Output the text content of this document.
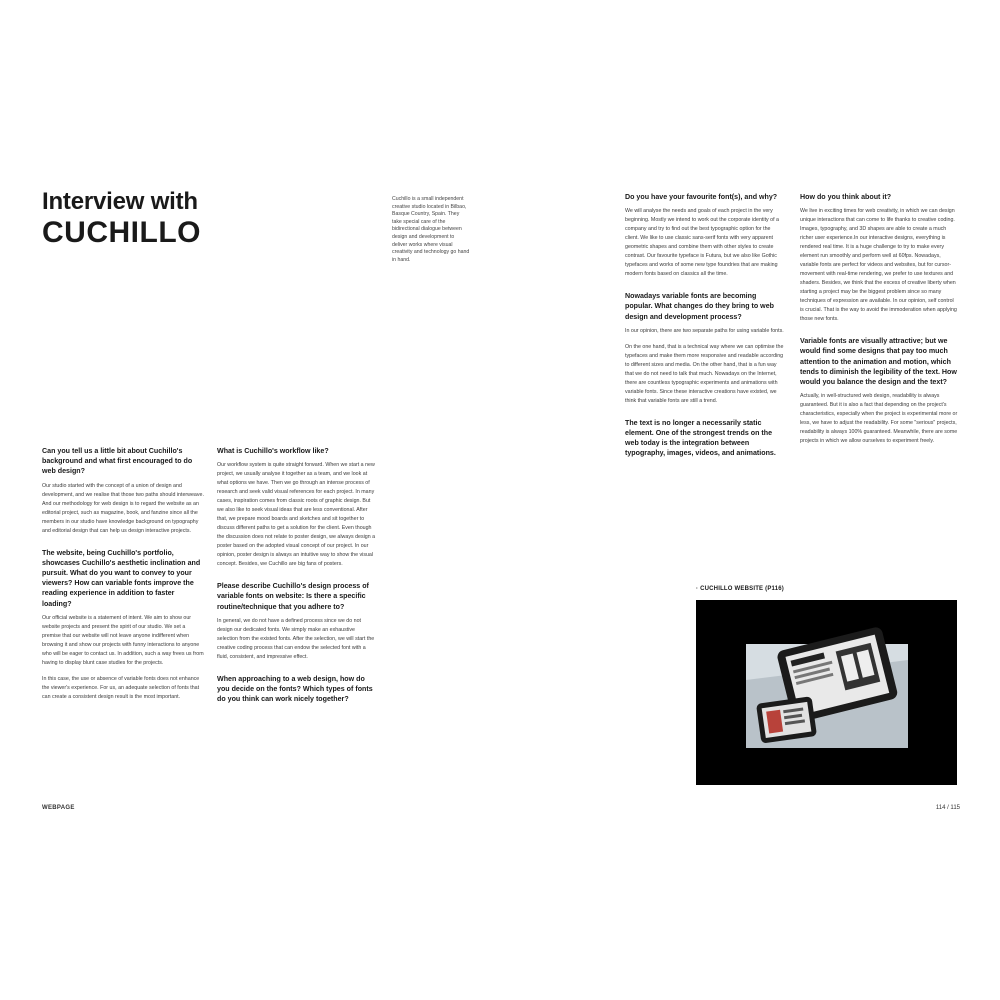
Interview with
CUCHILLO
Cuchillo is a small independent creative studio located in Bilbao, Basque Country, Spain. They take special care of the bidirectional dialogue between design and development to deliver works where visual creativity and technology go hand in hand.
Can you tell us a little bit about Cuchillo's background and what first encouraged to do web design?
Our studio started with the concept of a union of design and development, and we realise that those two paths should interweave. And our methodology for web design is to regard the website as an editorial project, such as magazine, book, and fanzine since all the members in our studio have knowledge background on typography and editorial design that can help us design interactive projects.
The website, being Cuchillo's portfolio, showcases Cuchillo's aesthetic inclination and pursuit. What do you want to convey to your viewers? How can variable fonts improve the reading experience in addition to faster loading?
Our official website is a statement of intent. We aim to show our website projects and present the spirit of our studio. We set a premise that our website will not leave anyone indifferent when browsing it and show our projects with funny interactions to anyone who will be eager to contact us. In addition, such a way frees us from having to display blunt case studies for the projects.
In this case, the use or absence of variable fonts does not enhance the viewer's experience. For us, an adequate selection of fonts that can create a consistent design result is the most important.
What is Cuchillo's workflow like?
Our workflow system is quite straight forward. When we start a new project, we usually analyse it together as a team, and we look at what options we have. Then we go through an intense process of research and seek valid visual references for each project. In many cases, inspiration comes from classic roots of graphic design. But we also like to seek visual ideas that are less conventional. After that, we prepare mood boards and sketches and sit together to discuss different paths to get a solution for the client. Even though the discussion does not relate to poster design, we always design a poster based on the adopted visual concept of our project. In our opinion, poster design is always an intuitive way to show the visual concept. Besides, we Cuchillo are big fans of posters.
Please describe Cuchillo's design process of variable fonts on website: Is there a specific routine/technique that you adhere to?
In general, we do not have a defined process since we do not design our dedicated fonts. We simply make an exhaustive selection from the existed fonts. After the selection, we will start the creative coding process that can endow the selected font with a fluid, consistent, and impressive effect.
When approaching to a web design, how do you decide on the fonts? Which types of fonts do you think can work nicely together?
Do you have your favourite font(s), and why?
We will analyse the needs and goals of each project in the very beginning. Mostly we intend to work out the corporate identity of a company and try to find out the best typographic option for the client. We like to use classic sans-serif fonts with very apparent geometric shapes and combine them with other styles to create contrast. Our favourite typeface is Futura, but we also like Gothic typefaces and works of some new type foundries that are making modern fonts based on classics all the time.
Nowadays variable fonts are becoming popular. What changes do they bring to web design and development process?
In our opinion, there are two separate paths for using variable fonts.
On the one hand, that is a technical way where we can optimise the typefaces and make them more responsive and readable according to different sizes and media. On the other hand, that is a fun way that we do not need to talk that much. Nowadays on the Internet, there are countless typographic experiments and animations with variable fonts. Since these interactive creations have existed, we think that variable fonts are still a trend.
The text is no longer a necessarily static element. One of the strongest trends on the web today is the integration between typography, images, videos, and animations.
How do you think about it?
We live in exciting times for web creativity, in which we can design unique interactions that can come to life thanks to creative coding. Images, typography, and 3D shapes are able to create a much richer user experience.In our interactive designs, everything is rendered real time. It is a huge challenge to try to make every element run smoothly and perform well at 60fps. Nowadays, variable fonts are perfect for videos and websites, but for cursor-movement with real-time rendering, we prefer to use textures and shaders. Besides, we think that the excess of creative liberty when starting a project may be the biggest problem since so many techniques of expression are available. In our opinion, self control is crucial. That is the way to avoid the immoderation when applying those new fonts.
Variable fonts are visually attractive; but we would find some designs that pay too much attention to the animation and motion, which tends to diminish the legibility of the text. How would you balance the design and the text?
Actually, in well-structured web design, readability is always guaranteed. But it is also a fact that depending on the project's characteristics, especially when the project is experimental more or less, we have to adjust the readability. For some "serious" projects, readability is always 100% guaranteed. Meanwhile, there are some projects in which we allow ourselves to experiment freely.
· CUCHILLO WEBSITE (P116)
WEBPAGE	114 / 115
